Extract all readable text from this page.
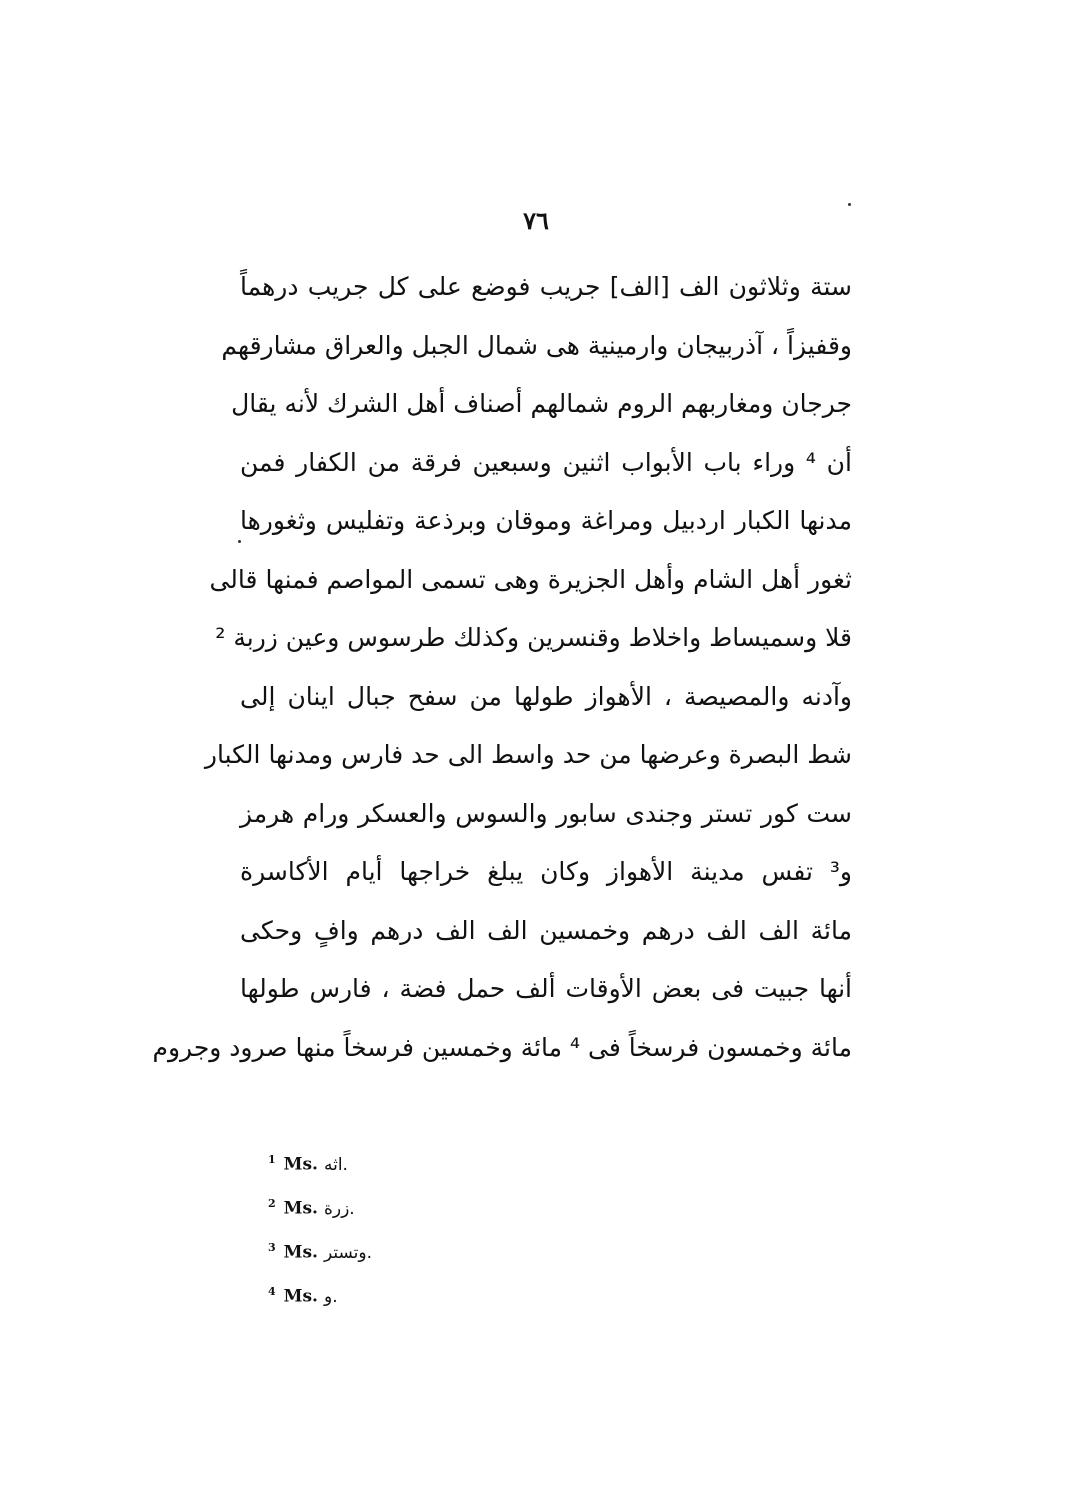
٧٦
ستة وثلاثون الف [الف] جريب فوضع على كل جريب درهماً
وقفيزاً ، آذربيجان وارمينية هى شمال الجبل والعراق مشارقهم
جرجان ومغاربهم الروم شمالهم أصناف أهل الشرك لأنه يقال
أن ⁴ وراء باب الأبواب اثنين وسبعين فرقة من الكفار فمن
مدنها الكبار اردبيل ومراغة وموقان وبرذعة وتفليس وثغورها
ثغور أهل الشام وأهل الجزيرة وهى تسمى المواصم فمنها قالى
قلا وسميساط واخلاط وقنسرين وكذلك طرسوس وعين زربة ²
وآدنه والمصيصة ، الأهواز طولها من سفح جبال اينان إلى
شط البصرة وعرضها من حد واسط الى حد فارس ومدنها الكبار
ست كور تستر وجندى سابور والسوس والعسكر ورام هرمز
و³ تفس مدينة الأهواز وكان يبلغ خراجها أيام الأكاسرة
مائة الف الف درهم وخمسين الف الف درهم وافٍ وحكى
أنها جبيت فى بعض الأوقات ألف حمل فضة ، فارس طولها
مائة وخمسون فرسخاً فى ⁴ مائة وخمسين فرسخاً منها صرود وجروم
$^1$ Ms. اثه.
$^2$ Ms. زرة.
$^3$ Ms. وتستر.
$^4$ Ms. و.
